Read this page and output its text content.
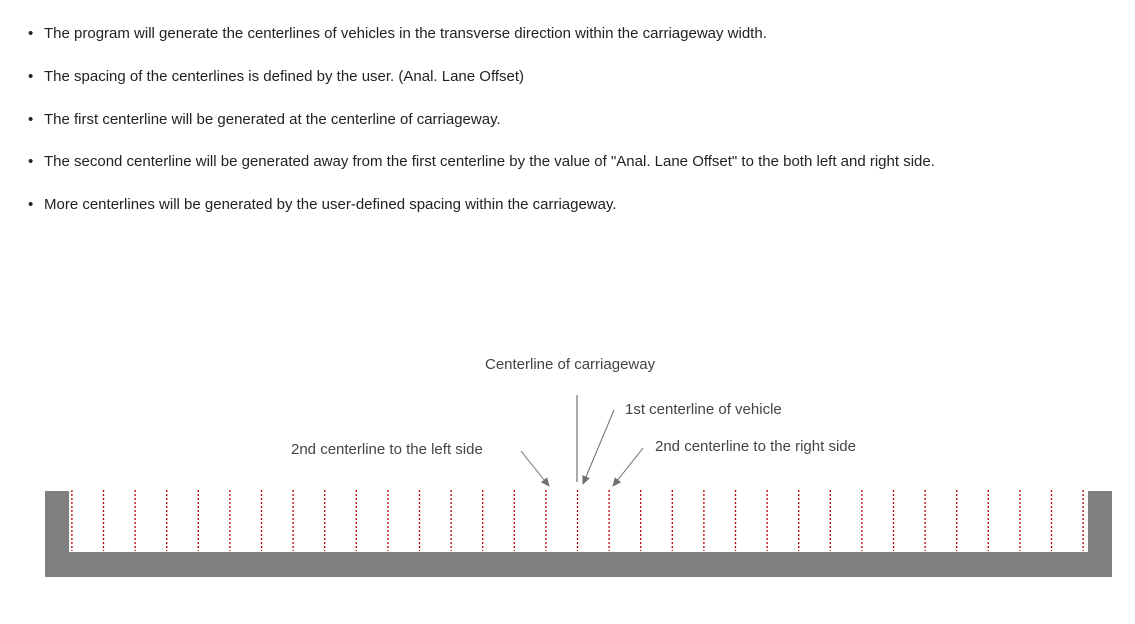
• The program will generate the centerlines of vehicles in the transverse direction within the carriageway width.
• The spacing of the centerlines is defined by the user. (Anal. Lane Offset)
• The first centerline will be generated at the centerline of carriageway.
• The second centerline will be generated away from the first centerline by the value of "Anal. Lane Offset" to the both left and right side.
• More centerlines will be generated by the user-defined spacing within the carriageway.
Centerline of carriageway
1st centerline of vehicle
2nd centerline to the left side	2nd centerline to the right side
